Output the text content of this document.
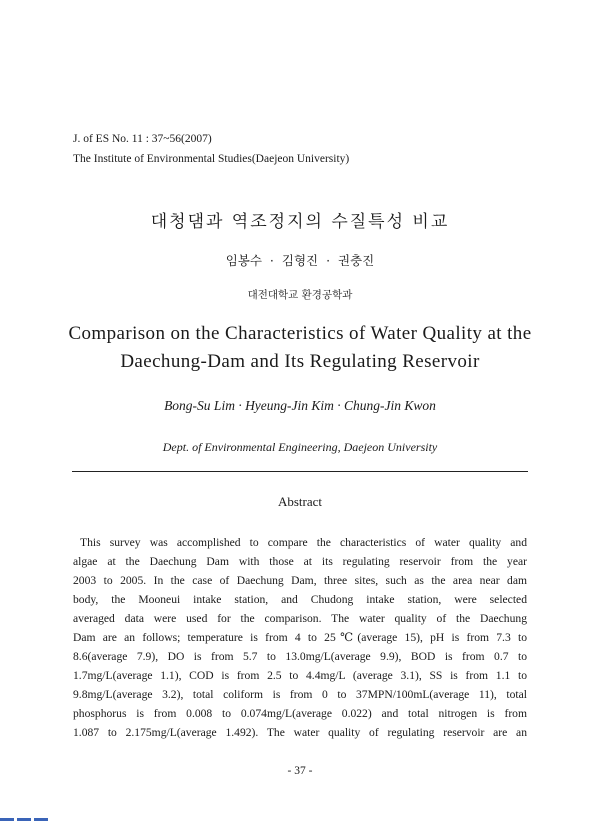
J. of ES No. 11 : 37~56(2007)
The Institute of Environmental Studies(Daejeon University)
대청댐과 역조정지의 수질특성 비교
임봉수 · 김형진 · 권충진
대전대학교 환경공학과
Comparison on the Characteristics of Water Quality at the
Daechung-Dam and Its Regulating Reservoir
Bong-Su Lim · Hyeung-Jin Kim · Chung-Jin Kwon
Dept. of Environmental Engineering, Daejeon University
Abstract
This survey was accomplished to compare the characteristics of water quality and
algae at the Daechung Dam with those at its regulating reservoir from the year
2003 to 2005. In the case of Daechung Dam, three sites, such as the area near dam
body, the Mooneui intake station, and Chudong intake station, were selected
averaged data were used for the comparison. The water quality of the Daechung
Dam are an follows; temperature is from 4 to 25℃(average 15), pH is from 7.3 to
8.6(average 7.9), DO is from 5.7 to 13.0mg/L(average 9.9), BOD is from 0.7 to
1.7mg/L(average 1.1), COD is from 2.5 to 4.4mg/L (average 3.1), SS is from 1.1 to
9.8mg/L(average 3.2), total coliform is from 0 to 37MPN/100mL(average 11), total
phosphorus is from 0.008 to 0.074mg/L(average 0.022) and total nitrogen is from
1.087 to 2.175mg/L(average 1.492). The water quality of regulating reservoir are an
- 37 -
